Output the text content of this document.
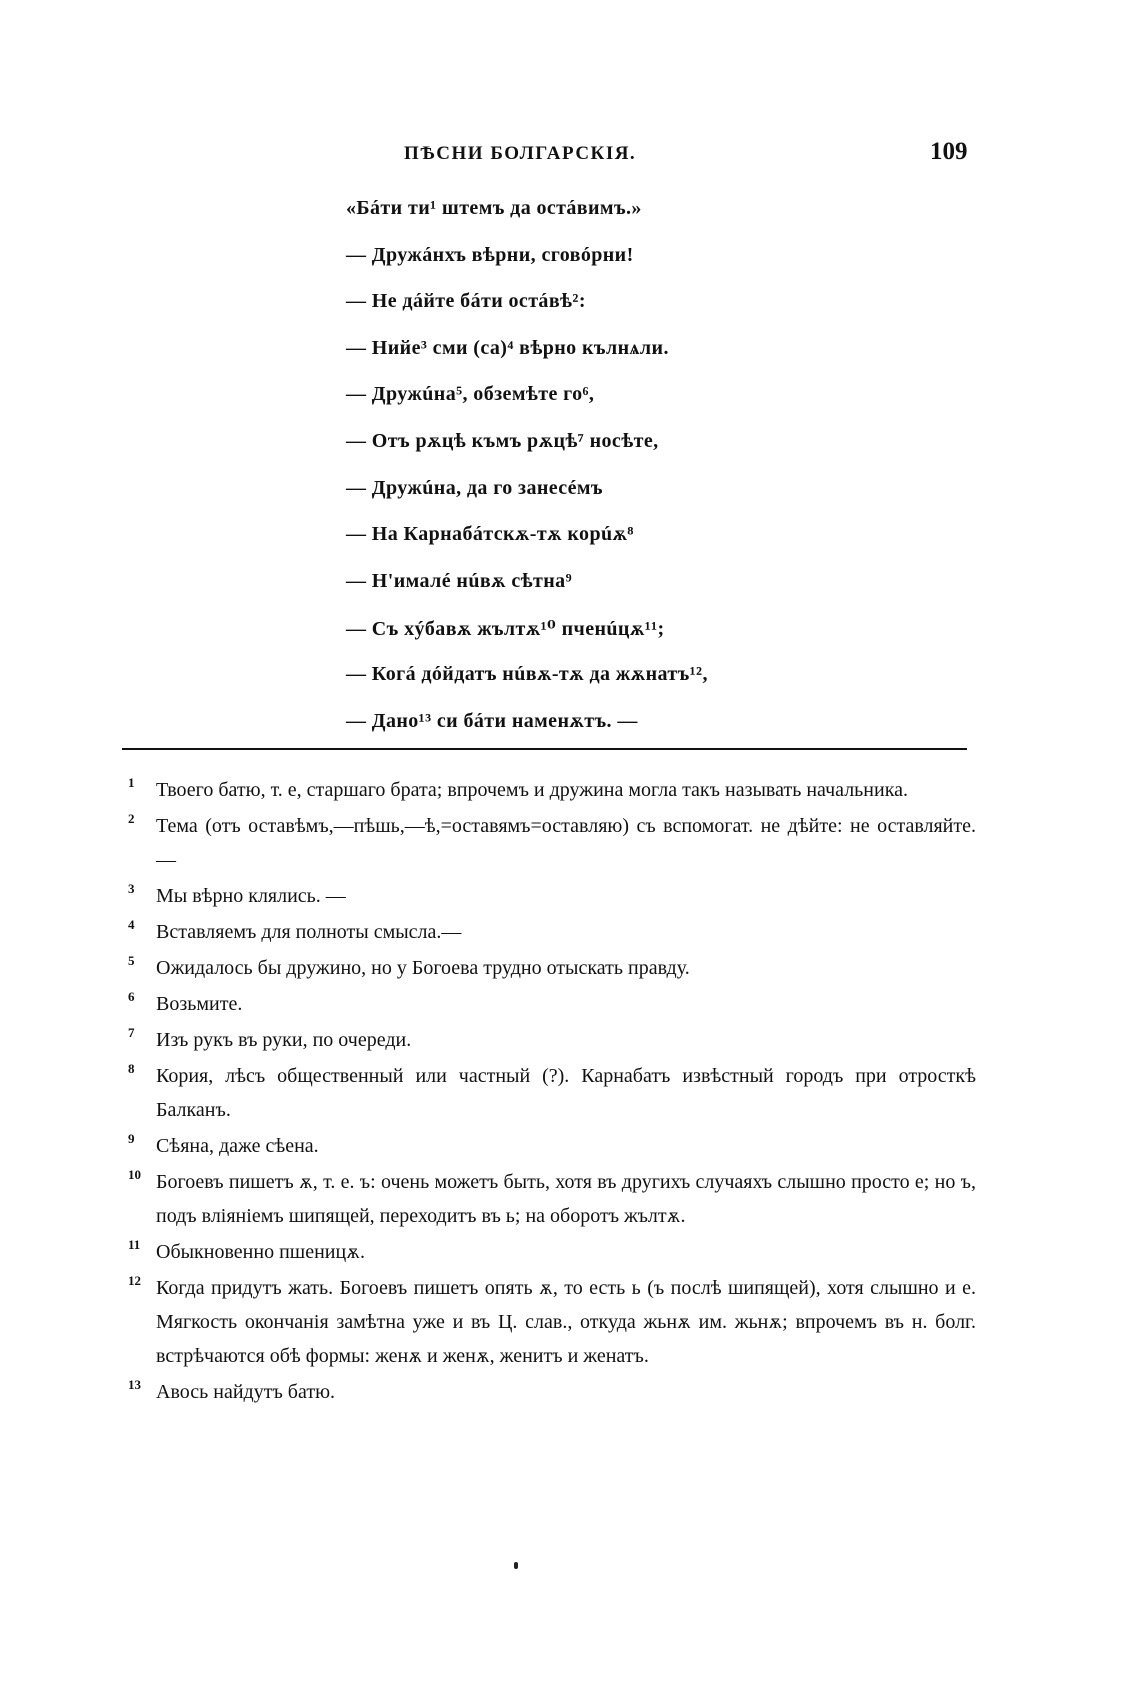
ПѢСНИ БОЛГАРСКІЯ.	109
«Бáти ти¹ штемъ да остáвимъ.»
— Дружáнхъ вѣрни, сговóрни!
— Не дáйте бáти остáвѣ²:
— Нийе³ сми (са)⁴ вѣрно кълнѧли.
— Дружúна⁵, обземѣте го⁶,
— Отъ рѫцѣ къмъ рѫцѣ⁷ носѣте,
— Дружúна, да го занесéмъ
— На Карнабáтскѫ-тѫ корúѫ⁸
— Н'ималé нúвѫ сѣтна⁹
— Съ хýбавѫ жълтѫ¹⁰ пченúцѫ¹¹;
— Когá дóйдатъ нúвѫ-тѫ да жѫнатъ¹²,
— Дано¹³ си бáти наменѫтъ. —
1 Твоего батю, т. е, старшаго брата; впрочемъ и дружина могла такъ называть начальника.
2 Тема (отъ оставѣмъ,—пѣшь,—ѣ,=оставямъ=оставляю) съ вспомогат. не дѣйте: не оставляйте.—
3 Мы вѣрно клялись. —
4 Вставляемъ для полноты смысла.—
5 Ожидалось бы дружино, но у Богоева трудно отыскать правду.
6 Возьмите.
7 Изъ рукъ въ руки, по очереди.
8 Кория, лѣсъ общественный или частный (?). Карнабатъ извѣстный городъ при отросткѣ Балканъ.
9 Сѣяна, даже сѣена.
10 Богоевъ пишетъ ѫ, т. е. ъ: очень можетъ быть, хотя въ другихъ случаяхъ слышно просто е; но ъ, подъ вліяніемъ шипящей, переходитъ въ ь; на оборотъ жълтѫ.
11 Обыкновенно пшеницѫ.
12 Когда придутъ жать. Богоевъ пишетъ опять ѫ, то есть ь (ъ послѣ шипящей), хотя слышно и е. Мягкость окончанія замѣтна уже и въ Ц. слав., откуда жьнѫ им. жьнѫ; впрочемъ въ н. болг. встрѣчаются обѣ формы: женѫ и женѫ, женитъ и женатъ.
13 Авось найдутъ батю.
